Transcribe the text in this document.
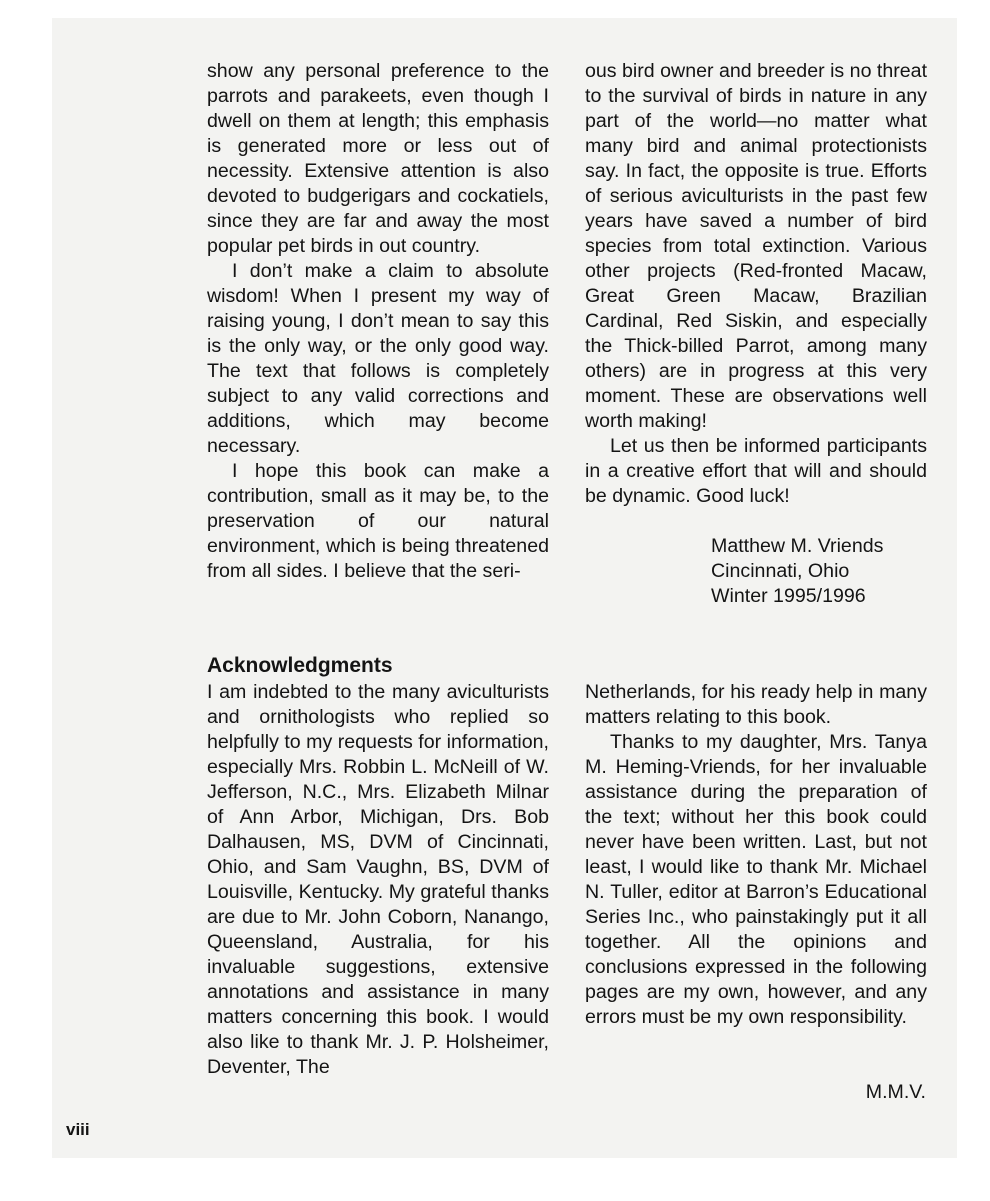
show any personal preference to the parrots and parakeets, even though I dwell on them at length; this emphasis is generated more or less out of necessity. Extensive attention is also devoted to budgerigars and cockatiels, since they are far and away the most popular pet birds in out country.

I don’t make a claim to absolute wisdom! When I present my way of raising young, I don’t mean to say this is the only way, or the only good way. The text that follows is completely subject to any valid corrections and additions, which may become necessary.

I hope this book can make a contribution, small as it may be, to the preservation of our natural environment, which is being threatened from all sides. I believe that the seri-

ous bird owner and breeder is no threat to the survival of birds in nature in any part of the world—no matter what many bird and animal protectionists say. In fact, the opposite is true. Efforts of serious aviculturists in the past few years have saved a number of bird species from total extinction. Various other projects (Red-fronted Macaw, Great Green Macaw, Brazilian Cardinal, Red Siskin, and especially the Thick-billed Parrot, among many others) are in progress at this very moment. These are observations well worth making!

Let us then be informed participants in a creative effort that will and should be dynamic. Good luck!

Matthew M. Vriends
Cincinnati, Ohio
Winter 1995/1996
Acknowledgments

I am indebted to the many aviculturists and ornithologists who replied so helpfully to my requests for information, especially Mrs. Robbin L. McNeill of W. Jefferson, N.C., Mrs. Elizabeth Milnar of Ann Arbor, Michigan, Drs. Bob Dalhausen, MS, DVM of Cincinnati, Ohio, and Sam Vaughn, BS, DVM of Louisville, Kentucky. My grateful thanks are due to Mr. John Coborn, Nanango, Queensland, Australia, for his invaluable suggestions, extensive annotations and assistance in many matters concerning this book. I would also like to thank Mr. J. P. Holsheimer, Deventer, The

Netherlands, for his ready help in many matters relating to this book.

Thanks to my daughter, Mrs. Tanya M. Heming-Vriends, for her invaluable assistance during the preparation of the text; without her this book could never have been written. Last, but not least, I would like to thank Mr. Michael N. Tuller, editor at Barron’s Educational Series Inc., who painstakingly put it all together. All the opinions and conclusions expressed in the following pages are my own, however, and any errors must be my own responsibility.

M.M.V.
viii
